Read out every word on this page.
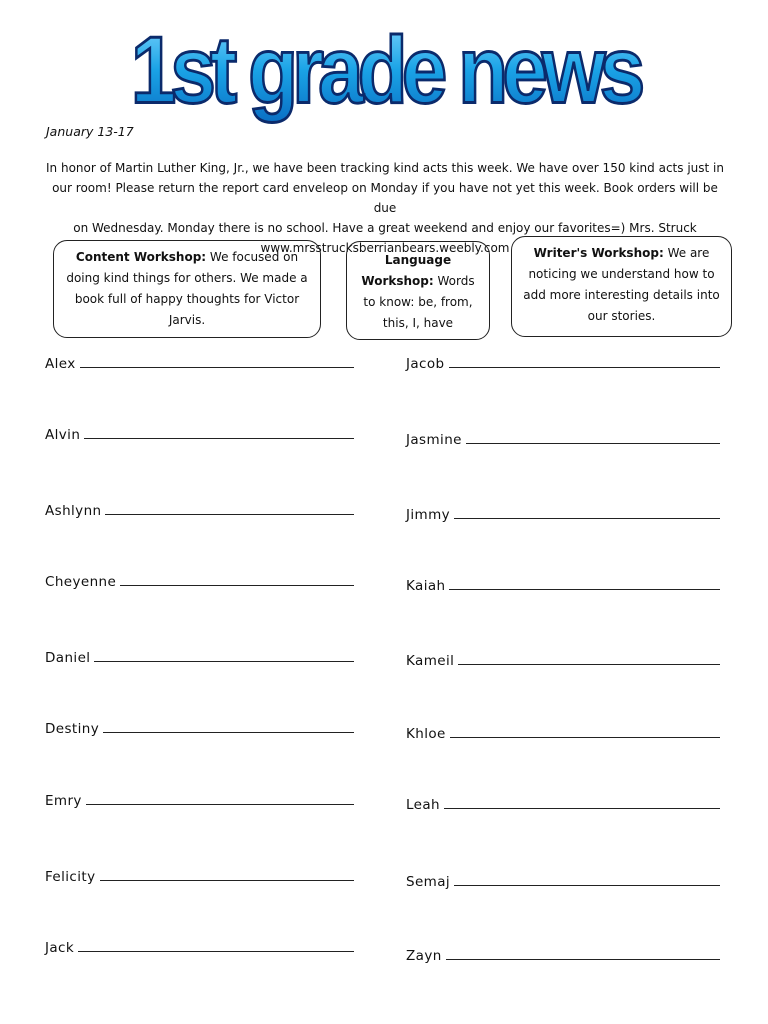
1st grade news
January 13-17

In honor of Martin Luther King, Jr., we have been tracking kind acts this week. We have over 150 kind acts just in

our room! Please return the report card enveleop on Monday if you have not yet this week. Book orders will be due

on Wednesday. Monday there is no school. Have a great weekend and enjoy our favorites=) Mrs. Struck

www.mrsstrucksberrianbears.weebly.com

Content Workshop: We focused on doing kind things for others. We made a book full of happy thoughts for Victor Jarvis.
Language Workshop: Words to know: be, from, this, I, have
Writer's Workshop: We are noticing we understand how to add more interesting details into our stories.
Alex
Alvin
Ashlynn
Cheyenne
Daniel
Destiny
Emry
Felicity
Jack
Jacob
Jasmine
Jimmy
Kaiah
Kameil
Khloe
Leah
Semaj
Zayn
